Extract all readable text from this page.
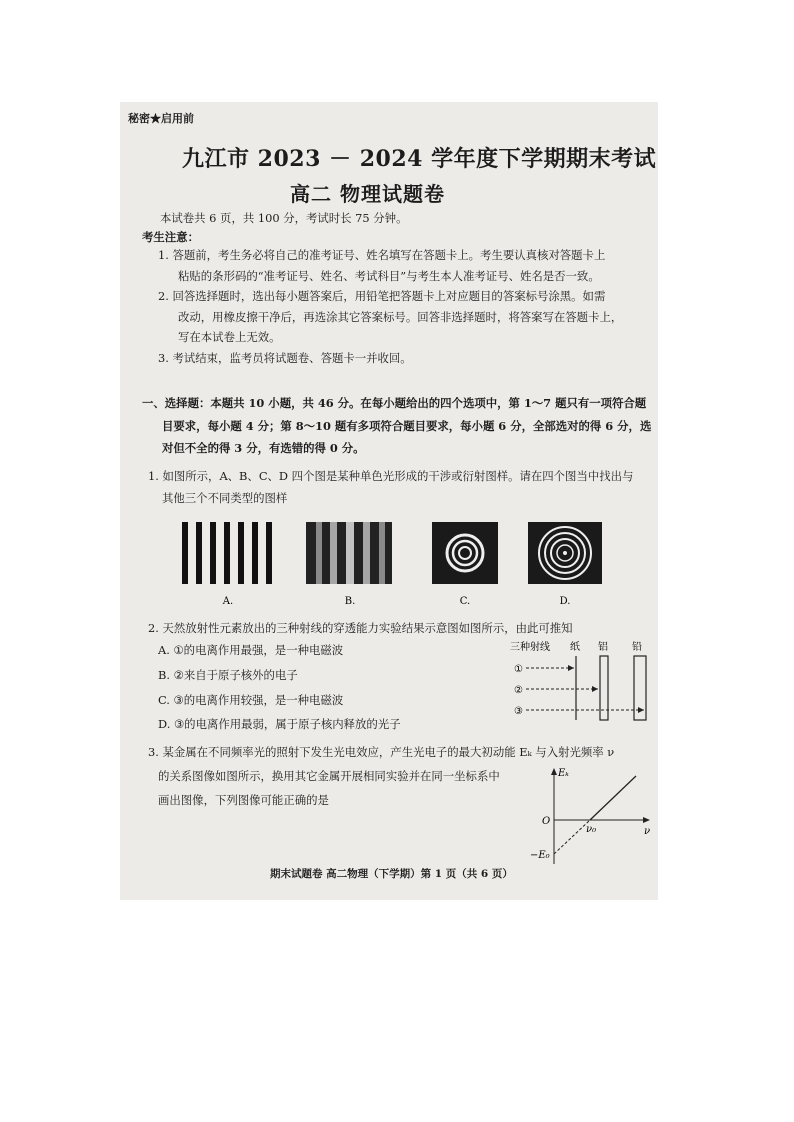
秘密★启用前
九江市 2023 － 2024 学年度下学期期末考试
高二 物理试题卷
本试卷共 6 页，共 100 分，考试时长 75 分钟。
考生注意：
1. 答题前，考生务必将自己的准考证号、姓名填写在答题卡上。考生要认真核对答题卡上
粘贴的条形码的“准考证号、姓名、考试科目”与考生本人准考证号、姓名是否一致。
2. 回答选择题时，选出每小题答案后，用铅笔把答题卡上对应题目的答案标号涂黑。如需
改动，用橡皮擦干净后，再选涂其它答案标号。回答非选择题时，将答案写在答题卡上，
写在本试卷上无效。
3. 考试结束，监考员将试题卷、答题卡一并收回。
一、选择题：本题共 10 小题，共 46 分。在每小题给出的四个选项中，第 1～7 题只有一项符合题
目要求，每小题 4 分；第 8～10 题有多项符合题目要求，每小题 6 分，全部选对的得 6 分，选
对但不全的得 3 分，有选错的得 0 分。
1. 如图所示，A、B、C、D 四个图是某种单色光形成的干涉或衍射图样。请在四个图当中找出与
其他三个不同类型的图样
A.	B.	C.	D.
2. 天然放射性元素放出的三种射线的穿透能力实验结果示意图如图所示，由此可推知
A. ①的电离作用最强，是一种电磁波
B. ②来自于原子核外的电子
C. ③的电离作用较强，是一种电磁波
D. ③的电离作用最弱，属于原子核内释放的光子
三种射线 纸 铝 铅
①
②
③
3. 某金属在不同频率光的照射下发生光电效应，产生光电子的最大初动能 Eₖ 与入射光频率 ν
的关系图像如图所示，换用其它金属开展相同实验并在同一坐标系中
画出图像，下列图像可能正确的是
Eₖ
O
ν₀	ν
−E₀
期末试题卷 高二物理（下学期）第 1 页（共 6 页）
